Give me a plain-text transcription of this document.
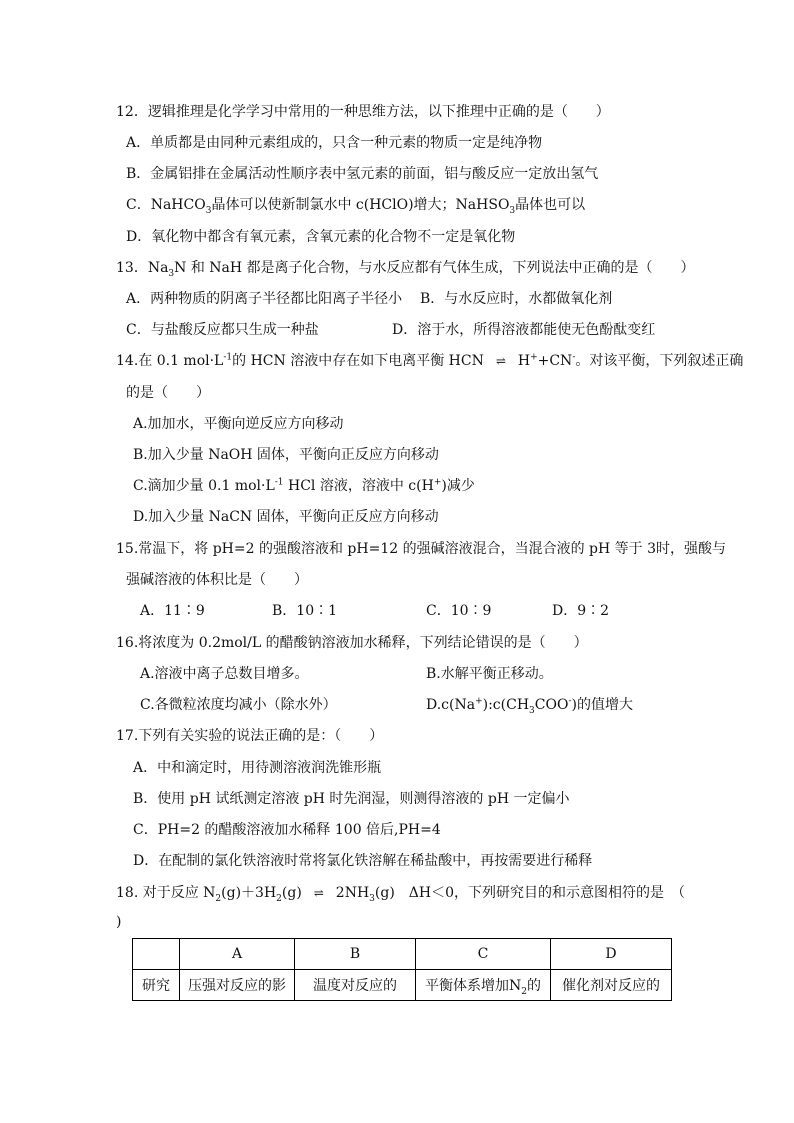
12．逻辑推理是化学学习中常用的一种思维方法，以下推理中正确的是（　　）
A．单质都是由同种元素组成的，只含一种元素的物质一定是纯净物
B．金属铝排在金属活动性顺序表中氢元素的前面，铝与酸反应一定放出氢气
C．NaHCO$_3$晶体可以使新制氯水中 c(HClO)增大；NaHSO$_3$晶体也可以
D．氧化物中都含有氧元素，含氧元素的化合物不一定是氧化物
13．$Na_3N$ 和 NaH 都是离子化合物，与水反应都有气体生成，下列说法中正确的是（　　）
A．两种物质的阴离子半径都比阳离子半径小 B．与水反应时，水都做氧化剂
C．与盐酸反应都只生成一种盐	D．溶于水，所得溶液都能使无色酚酞变红
14.在 0.1 $mol\cdot L^{-1}$的 HCN 溶液中存在如下电离平衡 HCN ⇌ H++CN-。对该平衡，下列叙述正确
的是（　　）
A.加加水，平衡向逆反应方向移动
B.加入少量 NaOH 固体，平衡向正反应方向移动
C.滴加少量 0.1 $mol\cdot L^{-1}$ HCl 溶液，溶液中 c(H+)减少
D.加入少量 NaCN 固体，平衡向正反应方向移动
15.常温下，将 pH=2 的强酸溶液和 pH=12 的强碱溶液混合，当混合液的 pH 等于 3时，强酸与
强碱溶液的体积比是（　　）
A．11∶9	B．10∶1	C．10∶9	D．9∶2
16.将浓度为 0.2mol/L 的醋酸钠溶液加水稀释，下列结论错误的是（　　）
A.溶液中离子总数目增多。	B.水解平衡正移动。
C.各微粒浓度均减小（除水外）	$D.c(Na^+):c(CH_3COO^-)$的值增大
17.下列有关实验的说法正确的是：（　　）
A．中和滴定时，用待测溶液润洗锥形瓶
B．使用 pH 试纸测定溶液 pH 时先润湿，则测得溶液的 pH 一定偏小
C．PH=2 的醋酸溶液加水稀释 100 倍后,PH=4
D．在配制的氯化铁溶液时常将氯化铁溶解在稀盐酸中，再按需要进行稀释
18. 对于反应 $N_2(g)+3H_2(g)$ ⇌ $2NH_3(g)$　ΔH＜0，下列研究目的和示意图相符的是　（
)
	A	B	C	D
研究	压强对反应的影	温度对反应的	平衡体系增加$N_2$的	催化剂对反应的
